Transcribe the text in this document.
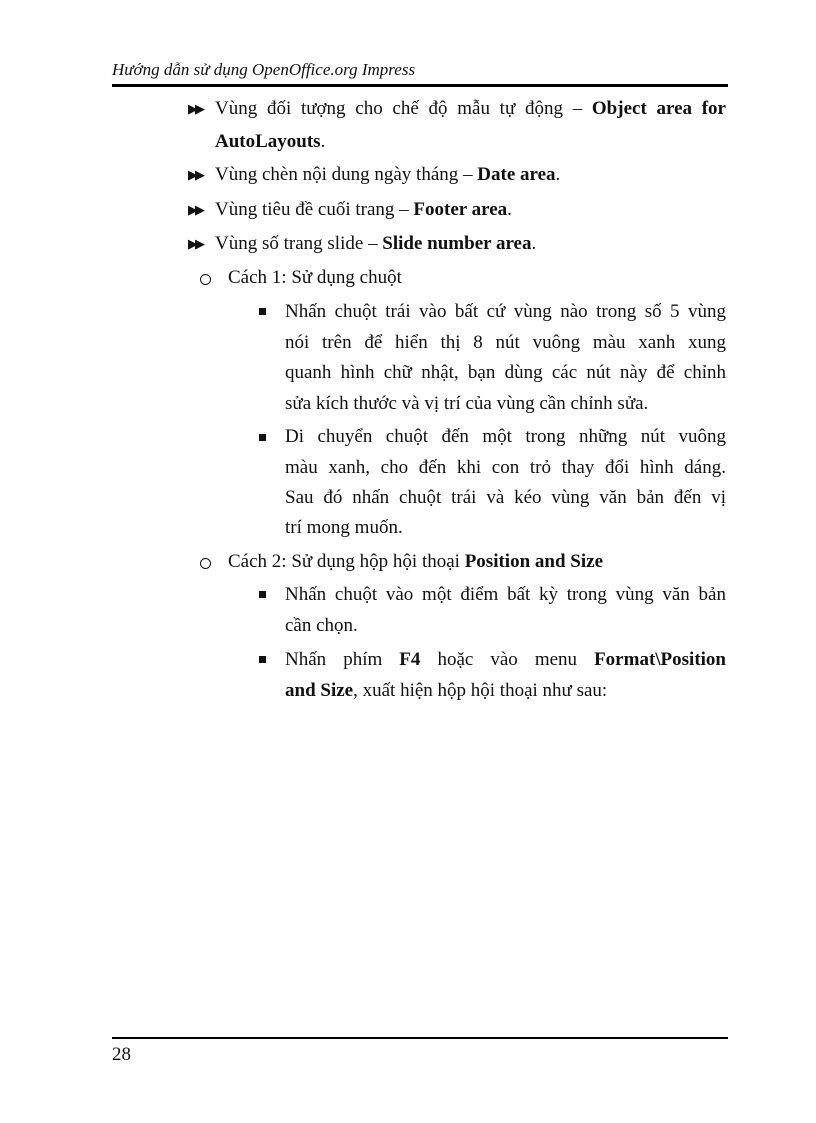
Hướng dẫn sử dụng OpenOffice.org Impress
▶▶ Vùng đối tượng cho chế độ mẫu tự động – Object area for
AutoLayouts.
▶▶ Vùng chèn nội dung ngày tháng – Date area.
▶▶ Vùng tiêu đề cuối trang – Footer area.
▶▶ Vùng số trang slide – Slide number area.
Cách 1: Sử dụng chuột
Nhấn chuột trái vào bất cứ vùng nào trong số 5 vùng
nói trên để hiển thị 8 nút vuông màu xanh xung
quanh hình chữ nhật, bạn dùng các nút này để chỉnh
sửa kích thước và vị trí của vùng cần chỉnh sửa.
Di chuyển chuột đến một trong những nút vuông
màu xanh, cho đến khi con trỏ thay đổi hình dáng.
Sau đó nhấn chuột trái và kéo vùng văn bản đến vị
trí mong muốn.
Cách 2: Sử dụng hộp hội thoại Position and Size
Nhấn chuột vào một điểm bất kỳ trong vùng văn bản
cần chọn.
Nhấn phím F4 hoặc vào menu Format\Position
and Size, xuất hiện hộp hội thoại như sau:
28
